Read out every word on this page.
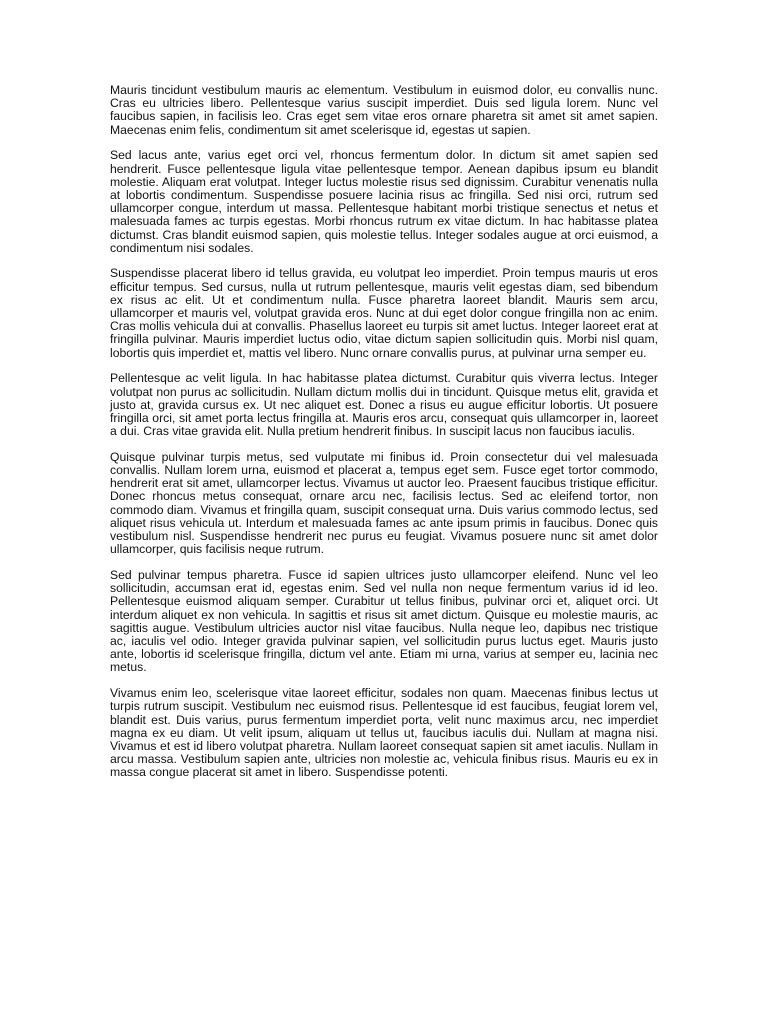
Mauris tincidunt vestibulum mauris ac elementum. Vestibulum in euismod dolor, eu convallis nunc. Cras eu ultricies libero. Pellentesque varius suscipit imperdiet. Duis sed ligula lorem. Nunc vel faucibus sapien, in facilisis leo. Cras eget sem vitae eros ornare pharetra sit amet sit amet sapien. Maecenas enim felis, condimentum sit amet scelerisque id, egestas ut sapien.

Sed lacus ante, varius eget orci vel, rhoncus fermentum dolor. In dictum sit amet sapien sed hendrerit. Fusce pellentesque ligula vitae pellentesque tempor. Aenean dapibus ipsum eu blandit molestie. Aliquam erat volutpat. Integer luctus molestie risus sed dignissim. Curabitur venenatis nulla at lobortis condimentum. Suspendisse posuere lacinia risus ac fringilla. Sed nisi orci, rutrum sed ullamcorper congue, interdum ut massa. Pellentesque habitant morbi tristique senectus et netus et malesuada fames ac turpis egestas. Morbi rhoncus rutrum ex vitae dictum. In hac habitasse platea dictumst. Cras blandit euismod sapien, quis molestie tellus. Integer sodales augue at orci euismod, a condimentum nisi sodales.

Suspendisse placerat libero id tellus gravida, eu volutpat leo imperdiet. Proin tempus mauris ut eros efficitur tempus. Sed cursus, nulla ut rutrum pellentesque, mauris velit egestas diam, sed bibendum ex risus ac elit. Ut et condimentum nulla. Fusce pharetra laoreet blandit. Mauris sem arcu, ullamcorper et mauris vel, volutpat gravida eros. Nunc at dui eget dolor congue fringilla non ac enim. Cras mollis vehicula dui at convallis. Phasellus laoreet eu turpis sit amet luctus. Integer laoreet erat at fringilla pulvinar. Mauris imperdiet luctus odio, vitae dictum sapien sollicitudin quis. Morbi nisl quam, lobortis quis imperdiet et, mattis vel libero. Nunc ornare convallis purus, at pulvinar urna semper eu.

Pellentesque ac velit ligula. In hac habitasse platea dictumst. Curabitur quis viverra lectus. Integer volutpat non purus ac sollicitudin. Nullam dictum mollis dui in tincidunt. Quisque metus elit, gravida et justo at, gravida cursus ex. Ut nec aliquet est. Donec a risus eu augue efficitur lobortis. Ut posuere fringilla orci, sit amet porta lectus fringilla at. Mauris eros arcu, consequat quis ullamcorper in, laoreet a dui. Cras vitae gravida elit. Nulla pretium hendrerit finibus. In suscipit lacus non faucibus iaculis.

Quisque pulvinar turpis metus, sed vulputate mi finibus id. Proin consectetur dui vel malesuada convallis. Nullam lorem urna, euismod et placerat a, tempus eget sem. Fusce eget tortor commodo, hendrerit erat sit amet, ullamcorper lectus. Vivamus ut auctor leo. Praesent faucibus tristique efficitur. Donec rhoncus metus consequat, ornare arcu nec, facilisis lectus. Sed ac eleifend tortor, non commodo diam. Vivamus et fringilla quam, suscipit consequat urna. Duis varius commodo lectus, sed aliquet risus vehicula ut. Interdum et malesuada fames ac ante ipsum primis in faucibus. Donec quis vestibulum nisl. Suspendisse hendrerit nec purus eu feugiat. Vivamus posuere nunc sit amet dolor ullamcorper, quis facilisis neque rutrum.

Sed pulvinar tempus pharetra. Fusce id sapien ultrices justo ullamcorper eleifend. Nunc vel leo sollicitudin, accumsan erat id, egestas enim. Sed vel nulla non neque fermentum varius id id leo. Pellentesque euismod aliquam semper. Curabitur ut tellus finibus, pulvinar orci et, aliquet orci. Ut interdum aliquet ex non vehicula. In sagittis et risus sit amet dictum. Quisque eu molestie mauris, ac sagittis augue. Vestibulum ultricies auctor nisl vitae faucibus. Nulla neque leo, dapibus nec tristique ac, iaculis vel odio. Integer gravida pulvinar sapien, vel sollicitudin purus luctus eget. Mauris justo ante, lobortis id scelerisque fringilla, dictum vel ante. Etiam mi urna, varius at semper eu, lacinia nec metus.

Vivamus enim leo, scelerisque vitae laoreet efficitur, sodales non quam. Maecenas finibus lectus ut turpis rutrum suscipit. Vestibulum nec euismod risus. Pellentesque id est faucibus, feugiat lorem vel, blandit est. Duis varius, purus fermentum imperdiet porta, velit nunc maximus arcu, nec imperdiet magna ex eu diam. Ut velit ipsum, aliquam ut tellus ut, faucibus iaculis dui. Nullam at magna nisi. Vivamus et est id libero volutpat pharetra. Nullam laoreet consequat sapien sit amet iaculis. Nullam in arcu massa. Vestibulum sapien ante, ultricies non molestie ac, vehicula finibus risus. Mauris eu ex in massa congue placerat sit amet in libero. Suspendisse potenti.
